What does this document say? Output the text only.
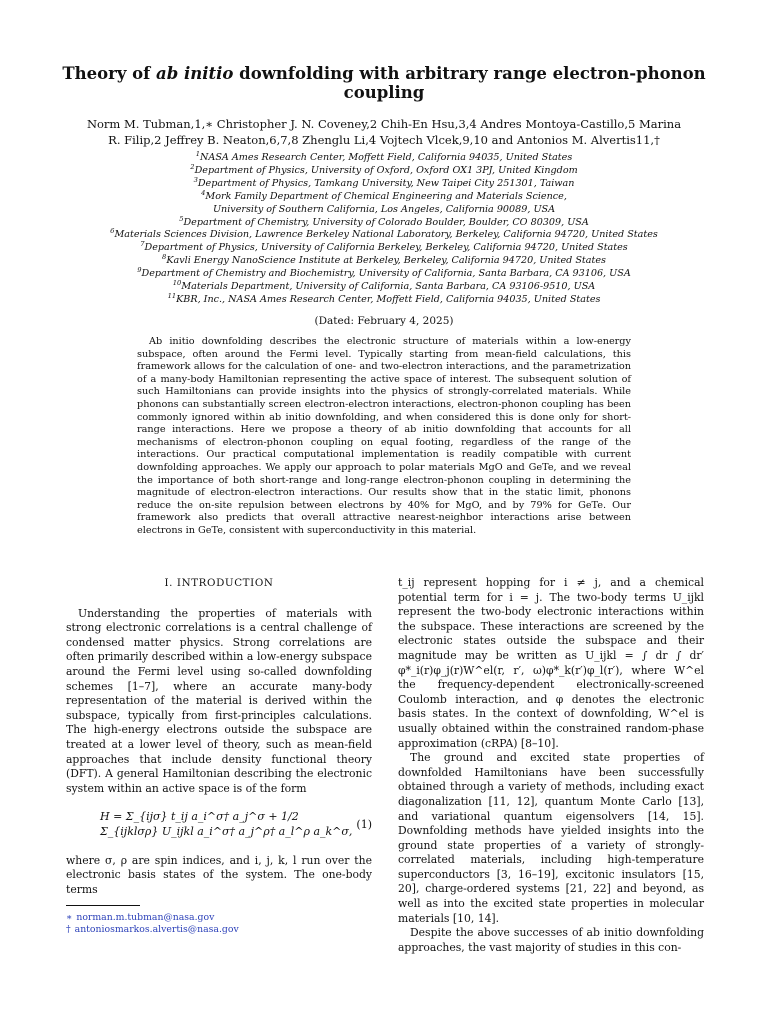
Theory of ab initio downfolding with arbitrary range electron-phonon coupling
Norm M. Tubman,1,∗ Christopher J. N. Coveney,2 Chih-En Hsu,3,4 Andres Montoya-Castillo,5 Marina
R. Filip,2 Jeffrey B. Neaton,6,7,8 Zhenglu Li,4 Vojtech Vlcek,9,10 and Antonios M. Alvertis11,†
$^1$NASA Ames Research Center, Moffett Field, California 94035, United States
$^2$Department of Physics, University of Oxford, Oxford OX1 3PJ, United Kingdom
$^3$Department of Physics, Tamkang University, New Taipei City 251301, Taiwan
$^4$Mork Family Department of Chemical Engineering and Materials Science,
University of Southern California, Los Angeles, California 90089, USA
$^5$Department of Chemistry, University of Colorado Boulder, Boulder, CO 80309, USA
$^6$Materials Sciences Division, Lawrence Berkeley National Laboratory, Berkeley, California 94720, United States
$^7$Department of Physics, University of California Berkeley, Berkeley, California 94720, United States
$^8$Kavli Energy NanoScience Institute at Berkeley, Berkeley, California 94720, United States
$^9$Department of Chemistry and Biochemistry, University of California, Santa Barbara, CA 93106, USA
$^{10}$Materials Department, University of California, Santa Barbara, CA 93106-9510, USA
$^{11}$KBR, Inc., NASA Ames Research Center, Moffett Field, California 94035, United States
(Dated: February 4, 2025)
Ab initio downfolding describes the electronic structure of materials within a low-energy subspace, often around the Fermi level. Typically starting from mean-field calculations, this framework allows for the calculation of one- and two-electron interactions, and the parametrization of a many-body Hamiltonian representing the active space of interest. The subsequent solution of such Hamiltonians can provide insights into the physics of strongly-correlated materials. While phonons can substantially screen electron-electron interactions, electron-phonon coupling has been commonly ignored within ab initio downfolding, and when considered this is done only for short-range interactions. Here we propose a theory of ab initio downfolding that accounts for all mechanisms of electron-phonon coupling on equal footing, regardless of the range of the interactions. Our practical computational implementation is readily compatible with current downfolding approaches. We apply our approach to polar materials MgO and GeTe, and we reveal the importance of both short-range and long-range electron-phonon coupling in determining the magnitude of electron-electron interactions. Our results show that in the static limit, phonons reduce the on-site repulsion between electrons by 40% for MgO, and by 79% for GeTe. Our framework also predicts that overall attractive nearest-neighbor interactions arise between electrons in GeTe, consistent with superconductivity in this material.
I. INTRODUCTION

Understanding the properties of materials with strong electronic correlations is a central challenge of condensed matter physics. Strong correlations are often primarily described within a low-energy subspace around the Fermi level using so-called downfolding schemes [1–7], where an accurate many-body representation of the material is derived within the subspace, typically from first-principles calculations. The high-energy electrons outside the subspace are treated at a lower level of theory, such as mean-field approaches that include density functional theory (DFT). A general Hamiltonian describing the electronic system within an active space is of the form

H = Σ_{ijσ} t_ij a_i^σ† a_j^σ + 1/2 Σ_{ijklσρ} U_ijkl a_i^σ† a_j^ρ† a_l^ρ a_k^σ,
(1)

where σ, ρ are spin indices, and i, j, k, l run over the electronic basis states of the system. The one-body terms

∗ norman.m.tubman@nasa.gov
† antoniosmarkos.alvertis@nasa.gov

t_ij represent hopping for i ≠ j, and a chemical potential term for i = j. The two-body terms U_ijkl represent the two-body electronic interactions within the subspace. These interactions are screened by the electronic states outside the subspace and their magnitude may be written as U_ijkl = ∫ dr ∫ dr′ φ*_i(r)φ_j(r)W^el(r, r′, ω)φ*_k(r′)φ_l(r′), where W^el the frequency-dependent electronically-screened Coulomb interaction, and φ denotes the electronic basis states. In the context of downfolding, W^el is usually obtained within the constrained random-phase approximation (cRPA) [8–10].

The ground and excited state properties of downfolded Hamiltonians have been successfully obtained through a variety of methods, including exact diagonalization [11, 12], quantum Monte Carlo [13], and variational quantum eigensolvers [14, 15]. Downfolding methods have yielded insights into the ground state properties of a variety of strongly-correlated materials, including high-temperature superconductors [3, 16–19], excitonic insulators [15, 20], charge-ordered systems [21, 22] and beyond, as well as into the excited state properties in molecular materials [10, 14].

Despite the above successes of ab initio downfolding approaches, the vast majority of studies in this con-
